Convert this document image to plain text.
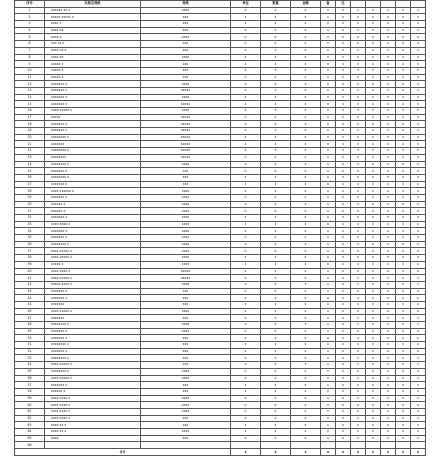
序号	名称及规格	规格	单位	数量	金额	备	注					
1	xxxxxx xx x	xxxx	x	x	x	x	x	x	x	x	x	x
2	xxxxx xxxxx x	xxx	x	x	x	x	x	x	x	x	x	x
3	xxxx x	xxx	x	x	x	x	x	x	x	x	x	x
4	xxxx xx	xxx	x	x	x	x	x	x	x	x	x	x
5	xxxx x	xxxx	x	x	x	x	x	x	x	x	x	x
6	xxx xx x	xxx	x	x	x	x	x	x	x	x	x	x
7	xxxx xx x	xxx	x	x	x	x	x	x	x	x	x	x
8	xxxx xx	xxxx	x	x	x	x	x	x	x	x	x	x
9	xxxxx x	xxx	x	x	x	x	x	x	x	x	x	x
10	xxxxx x	xxx	x	x	x	x	x	x	x	x	x	x
11	xxxxx x	xxx	x	x	x	x	x	x	x	x	x	x
12	xxxxxxx x	xxxx	x	x	x	x	x	x	x	x	x	x
13	xxxxxxx x	xxxxx	x	x	x	x	x	x	x	x	x	x
14	xxxxxxx x	xxxx	x	x	x	x	x	x	x	x	x	x
15	xxxxxxx x	xxxxx	x	x	x	x	x	x	x	x	x	x
16	xxxx xxxxx x	xxxx	x	x	x	x	x	x	x	x	x	x
17	xxxxx	xxxxx	x	x	x	x	x	x	x	x	x	x
18	xxxxxxx x	xxxxx	x	x	x	x	x	x	x	x	x	x
19	xxxxxxx x	xxxxx	x	x	x	x	x	x	x	x	x	x
20	xxxxxxxx x	xxxxx	x	x	x	x	x	x	x	x	x	x
21	xxxxxxx	xxxxx	x	x	x	x	x	x	x	x	x	x
22	xxxxxxxx x	xxxxx	x	x	x	x	x	x	x	x	x	x
23	xxxxxxxx	xxxxx	x	x	x	x	x	x	x	x	x	x
24	xxxxxxxx x	xxxx	x	x	x	x	x	x	x	x	x	x
25	xxxxxxx x	xxx	x	x	x	x	x	x	x	x	x	x
26	xxxxxxxx x	xxx	x	x	x	x	x	x	x	x	x	x
27	xxxxxxx x	xxx	x	x	x	x	x	x	x	x	x	x
28	xxxx xxxxxx x	xxxx	x	x	x	x	x	x	x	x	x	x
29	xxxxxxx x	xxxx	x	x	x	x	x	x	x	x	x	x
30	xxxxxx x	xxxx	x	x	x	x	x	x	x	x	x	x
31	xxxxxx x	xxxx	x	x	x	x	x	x	x	x	x	x
32	xxxxxxx x	xxxx	x	x	x	x	x	x	x	x	x	x
33	xxxx xxxx x	xxxx	x	x	x	x	x	x	x	x	x	x
34	xxxxxxx x	xxxx	x	x	x	x	x	x	x	x	x	x
35	xxxxxxx x	xxxx	x	x	x	x	x	x	x	x	x	x
36	xxxxxxxx x	xxxx	x	x	x	x	x	x	x	x	x	x
37	xxxx xxxxx x	xxxx	x	x	x	x	x	x	x	x	x	x
38	xxxx xxxxx x	xxxx	x	x	x	x	x	x	x	x	x	x
39	xxxxx x	xxxx	x	x	x	x	x	x	x	x	x	x
40	xxxx xxxx x	xxxxx	x	x	x	x	x	x	x	x	x	x
41	xxxx xxxxx x	xxxxx	x	x	x	x	x	x	x	x	x	x
42	xxxxx xxxx x	xxxx	x	x	x	x	x	x	x	x	x	x
43	xxxxxxx x	xxx	x	x	x	x	x	x	x	x	x	x
44	xxxxxxx x	xxx	x	x	x	x	x	x	x	x	x	x
45	xxxxxxx	xxx	x	x	x	x	x	x	x	x	x	x
46	xxxx xxxxx x	xxxx	x	x	x	x	x	x	x	x	x	x
47	xxxxxxx	xxx	x	x	x	x	x	x	x	x	x	x
48	xxxxxxxx x	xxxx	x	x	x	x	x	x	x	x	x	x
49	xxxxxxx x	xxxx	x	x	x	x	x	x	x	x	x	x
50	xxxxxxx x	xxx	x	x	x	x	x	x	x	x	x	x
51	xxxxxxxx x	xxx	x	x	x	x	x	x	x	x	x	x
52	xxxxxxx x	xxx	x	x	x	x	x	x	x	x	x	x
53	xxxxxxxx x	xxx	x	x	x	x	x	x	x	x	x	x
54	xxxx xxxxx x	xxx	x	x	x	x	x	x	x	x	x	x
55	xxxxxxxx x	xxxx	x	x	x	x	x	x	x	x	x	x
56	xxxx xxxxx x	xxxx	x	x	x	x	x	x	x	x	x	x
57	xxxxxxx x	xxx	x	x	x	x	x	x	x	x	x	x
58	xxxxxx x	xxx	x	x	x	x	x	x	x	x	x	x
59	xxxx xxxx x	xxxx	x	x	x	x	x	x	x	x	x	x
60	xxxx xxxx x	xxxx	x	x	x	x	x	x	x	x	x	x
61	xxxx xxxx x	xxxx	x	x	x	x	x	x	x	x	x	x
62	xxxx xxxx x	xxx	x	x	x	x	x	x	x	x	x	x
63	xxxx xx x	xxx	x	x	x	x	x	x	x	x	x	x
64	xxxx xx x	xxxx	x	x	x	x	x	x	x	x	x	x
65	xxxx	xxx	x	x	x	x	x	x	x	x	x	x
66												
合计			x	x	x	x	x	x	x	x	x	x
